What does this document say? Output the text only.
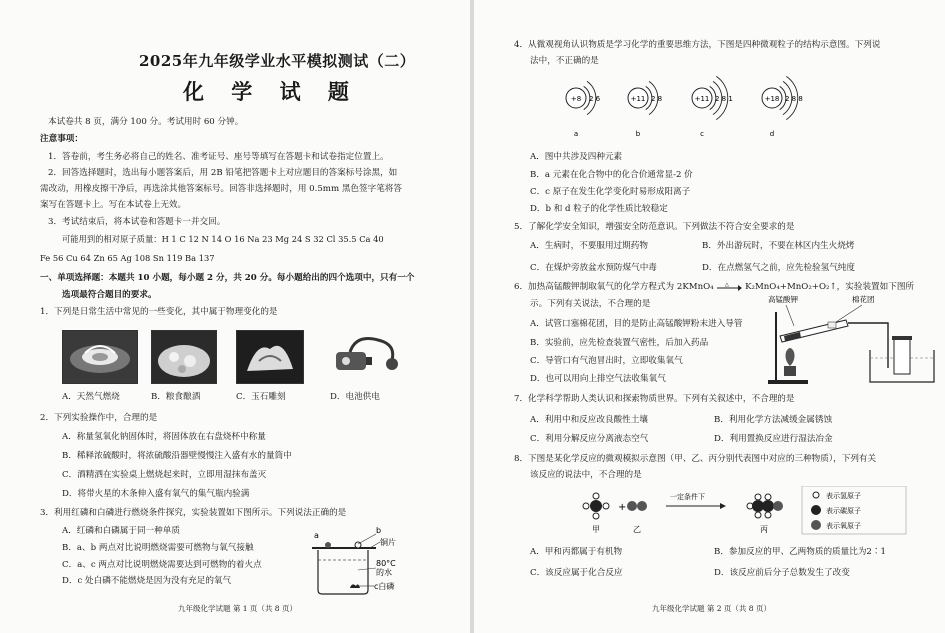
2025年九年级学业水平模拟测试（二）
化 学 试 题
本试卷共 8 页，满分 100 分。考试用时 60 分钟。
注意事项：
1．答卷前，考生务必将自己的姓名、准考证号、座号等填写在答题卡和试卷指定位置上。
2．回答选择题时，选出每小题答案后，用 2B 铅笔把答题卡上对应题目的答案标号涂黑，如
需改动，用橡皮擦干净后，再选涂其他答案标号。回答非选择题时，用 0.5mm 黑色签字笔将答
案写在答题卡上。写在本试卷上无效。
3．考试结束后，将本试卷和答题卡一并交回。
可能用到的相对原子质量：H 1 C 12 N 14 O 16 Na 23 Mg 24 S 32 Cl 35.5 Ca 40
Fe 56 Cu 64 Zn 65 Ag 108 Sn 119 Ba 137
一、单项选择题：本题共 10 小题，每小题 2 分，共 20 分。每小题给出的四个选项中，只有一个
选项最符合题目的要求。
1．下列是日常生活中常见的一些变化，其中属于物理变化的是
A．天然气燃烧	B．粮食酿酒	C．玉石雕刻	D．电池供电
2．下列实验操作中，合理的是
A．称量氢氧化钠固体时，将固体放在右盘烧杯中称量
B．稀释浓硫酸时，将浓硫酸沿器壁慢慢注入盛有水的量筒中
C．酒精洒在实验桌上燃烧起来时，立即用湿抹布盖灭
D．将带火星的木条伸入盛有氧气的集气瓶内验满
3．利用红磷和白磷进行燃烧条件探究，实验装置如下图所示。下列说法正确的是
A．红磷和白磷属于同一种单质
B．a、b 两点对比说明燃烧需要可燃物与氧气接触
C．a、c 两点对比说明燃烧需要达到可燃物的着火点
D．c 处白磷不能燃烧是因为没有充足的氧气
a
b
铜片
80°C
的水
c白磷
九年级化学试题 第 1 页（共 8 页）
4．从微观视角认识物质是学习化学的重要思维方法，下图是四种微观粒子的结构示意图。下列说
法中，不正确的是
+8 2 6
a
+11 2 8
b
+11 2 8 1
c
+18 2 8 8
d
A．图中共涉及四种元素
B．a 元素在化合物中的化合价通常显-2 价
C．c 原子在发生化学变化时易形成阳离子
D．b 和 d 粒子的化学性质比较稳定
5．了解化学安全知识，增强安全防范意识。下列做法不符合安全要求的是
A．生病时，不要服用过期药物	B．外出游玩时，不要在林区内生火烧烤
C．在煤炉旁放盆水预防煤气中毒	D．在点燃氢气之前，应先检验氢气纯度
6．加热高锰酸钾制取氧气的化学方程式为 2KMnO₄ △ K₂MnO₄+MnO₂+O₂↑，实验装置如下图所
示。下列有关说法，不合理的是
A．试管口塞棉花团，目的是防止高锰酸钾粉末进入导管
B．实验前，应先检查装置气密性，后加入药品
C．导管口有气泡冒出时，立即收集氧气
D．也可以用向上排空气法收集氧气
高锰酸钾	棉花团
7．化学科学帮助人类认识和探索物质世界。下列有关叙述中，不合理的是
A．利用中和反应改良酸性土壤	B．利用化学方法减缓金属锈蚀
C．利用分解反应分离液态空气	D．利用置换反应进行湿法冶金
8．下图是某化学反应的微观模拟示意图（甲、乙、丙分别代表图中对应的三种物质），下列有关
该反应的说法中，不合理的是
+
一定条件下
甲	乙	丙
表示氢原子
表示碳原子
表示氧原子
A．甲和丙都属于有机物	B．参加反应的甲、乙两物质的质量比为2∶1
C．该反应属于化合反应	D．该反应前后分子总数发生了改变
九年级化学试题 第 2 页（共 8 页）
